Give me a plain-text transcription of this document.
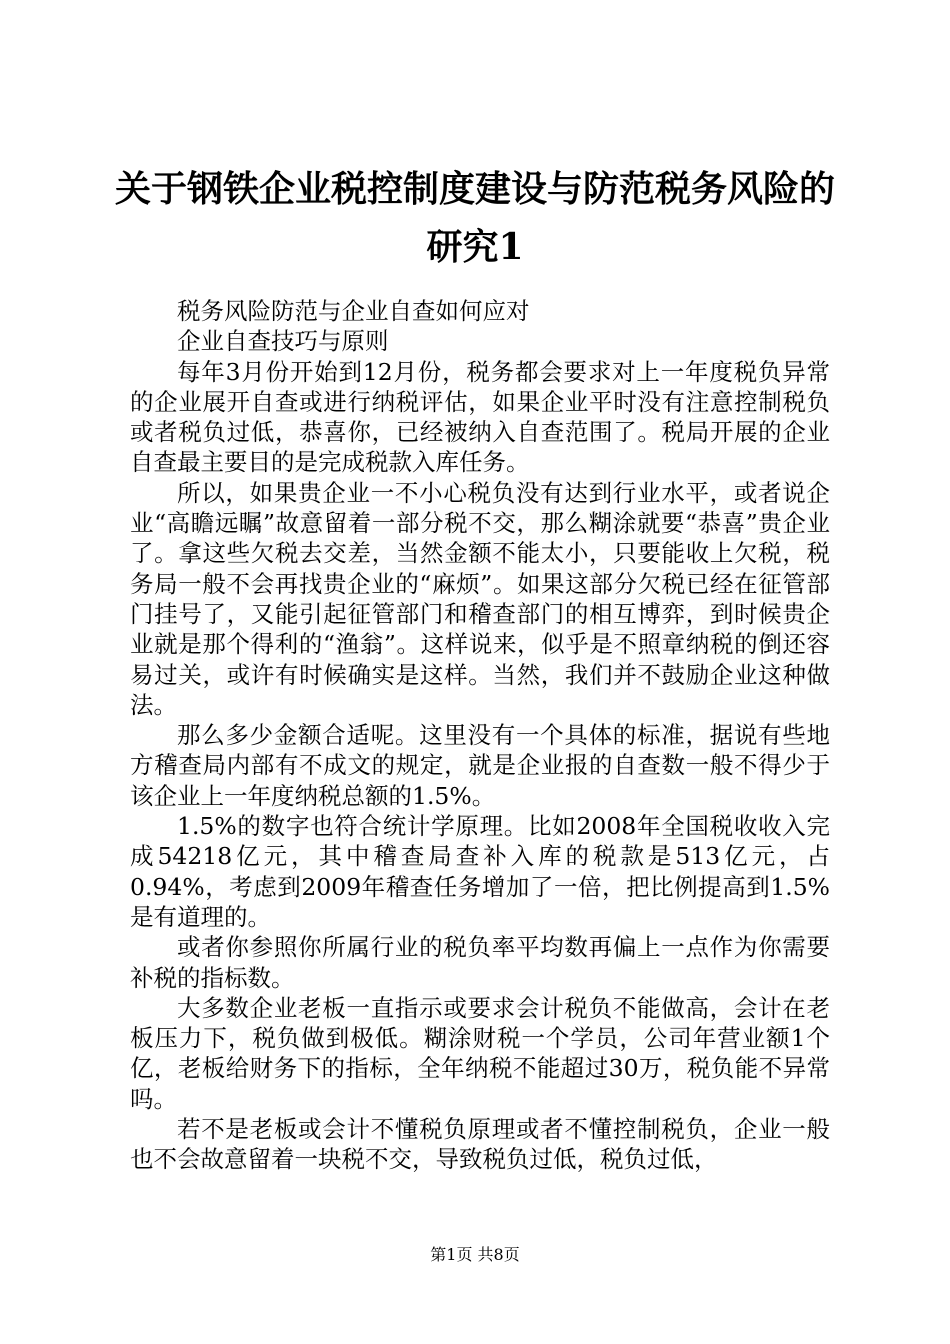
关于钢铁企业税控制度建设与防范税务风险的
研究1

税务风险防范与企业自查如何应对

企业自查技巧与原则

每年3月份开始到12月份，税务都会要求对上一年度税负异常的企业展开自查或进行纳税评估，如果企业平时没有注意控制税负或者税负过低，恭喜你，已经被纳入自查范围了。税局开展的企业自查最主要目的是完成税款入库任务。

所以，如果贵企业一不小心税负没有达到行业水平，或者说企业“高瞻远瞩”故意留着一部分税不交，那么糊涂就要“恭喜”贵企业了。拿这些欠税去交差，当然金额不能太小，只要能收上欠税，税务局一般不会再找贵企业的“麻烦”。如果这部分欠税已经在征管部门挂号了，又能引起征管部门和稽查部门的相互博弈，到时候贵企业就是那个得利的“渔翁”。这样说来，似乎是不照章纳税的倒还容易过关，或许有时候确实是这样。当然，我们并不鼓励企业这种做法。

那么多少金额合适呢。这里没有一个具体的标准，据说有些地方稽查局内部有不成文的规定，就是企业报的自查数一般不得少于该企业上一年度纳税总额的1.5%。

1.5%的数字也符合统计学原理。比如2008年全国税收收入完成54218亿元，其中稽查局查补入库的税款是513亿元，占0.94%，考虑到2009年稽查任务增加了一倍，把比例提高到1.5%是有道理的。

或者你参照你所属行业的税负率平均数再偏上一点作为你需要补税的指标数。

大多数企业老板一直指示或要求会计税负不能做高，会计在老板压力下，税负做到极低。糊涂财税一个学员，公司年营业额1个亿，老板给财务下的指标，全年纳税不能超过30万，税负能不异常吗。

若不是老板或会计不懂税负原理或者不懂控制税负，企业一般也不会故意留着一块税不交，导致税负过低，税负过低，

第1页 共8页
